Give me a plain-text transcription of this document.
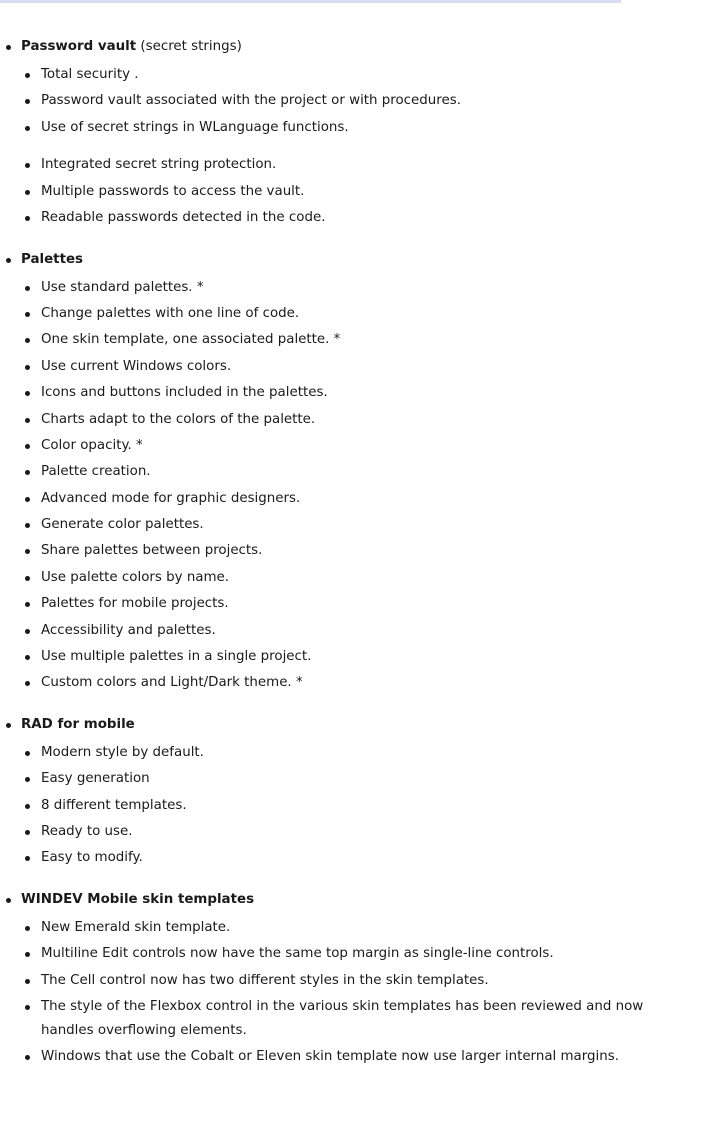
Password vault (secret strings)
Total security .
Password vault associated with the project or with procedures.
Use of secret strings in WLanguage functions.
Integrated secret string protection.
Multiple passwords to access the vault.
Readable passwords detected in the code.
Palettes
Use standard palettes. *
Change palettes with one line of code.
One skin template, one associated palette. *
Use current Windows colors.
Icons and buttons included in the palettes.
Charts adapt to the colors of the palette.
Color opacity. *
Palette creation.
Advanced mode for graphic designers.
Generate color palettes.
Share palettes between projects.
Use palette colors by name.
Palettes for mobile projects.
Accessibility and palettes.
Use multiple palettes in a single project.
Custom colors and Light/Dark theme. *
RAD for mobile
Modern style by default.
Easy generation
8 different templates.
Ready to use.
Easy to modify.
WINDEV Mobile skin templates
New Emerald skin template.
Multiline Edit controls now have the same top margin as single-line controls.
The Cell control now has two different styles in the skin templates.
The style of the Flexbox control in the various skin templates has been reviewed and now handles overflowing elements.
Windows that use the Cobalt or Eleven skin template now use larger internal margins.
